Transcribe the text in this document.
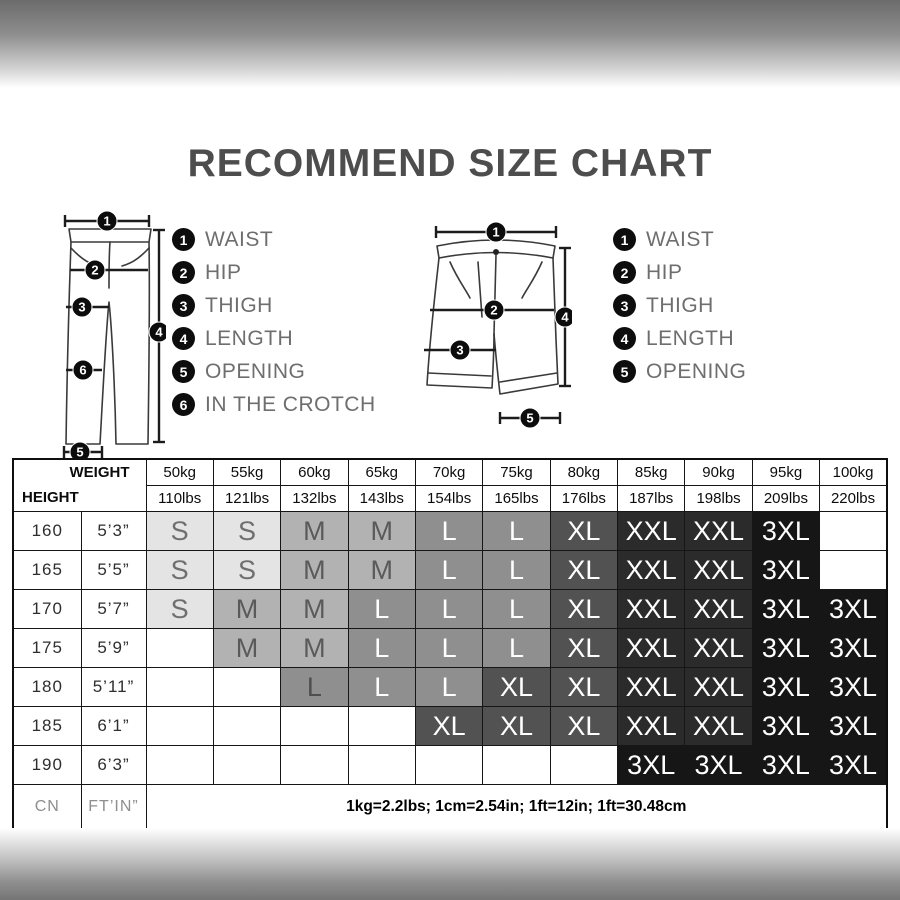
RECOMMEND SIZE CHART
1
2
3
4
6
5
1 WAIST
2 HIP
3 THIGH
4 LENGTH
5 OPENING
6 IN THE CROTCH
1
2
3
4
5
1 WAIST
2 HIP
3 THIGH
4 LENGTH
5 OPENING
WEIGHT
HEIGHT		50kg	55kg	60kg	65kg	70kg	75kg	80kg	85kg	90kg	95kg	100kg
		110lbs	121lbs	132lbs	143lbs	154lbs	165lbs	176lbs	187lbs	198lbs	209lbs	220lbs
160	5’3”	S	S	M	M	L	L	XL	XXL	XXL	3XL	
165	5’5”	S	S	M	M	L	L	XL	XXL	XXL	3XL	
170	5’7”	S	M	M	L	L	L	XL	XXL	XXL	3XL	3XL
175	5’9”		M	M	L	L	L	XL	XXL	XXL	3XL	3XL
180	5’11”			L	L	L	XL	XL	XXL	XXL	3XL	3XL
185	6’1”					XL	XL	XL	XXL	XXL	3XL	3XL
190	6’3”								3XL	3XL	3XL	3XL
CN	FT’IN”	1kg=2.2lbs; 1cm=2.54in; 1ft=12in; 1ft=30.48cm										
